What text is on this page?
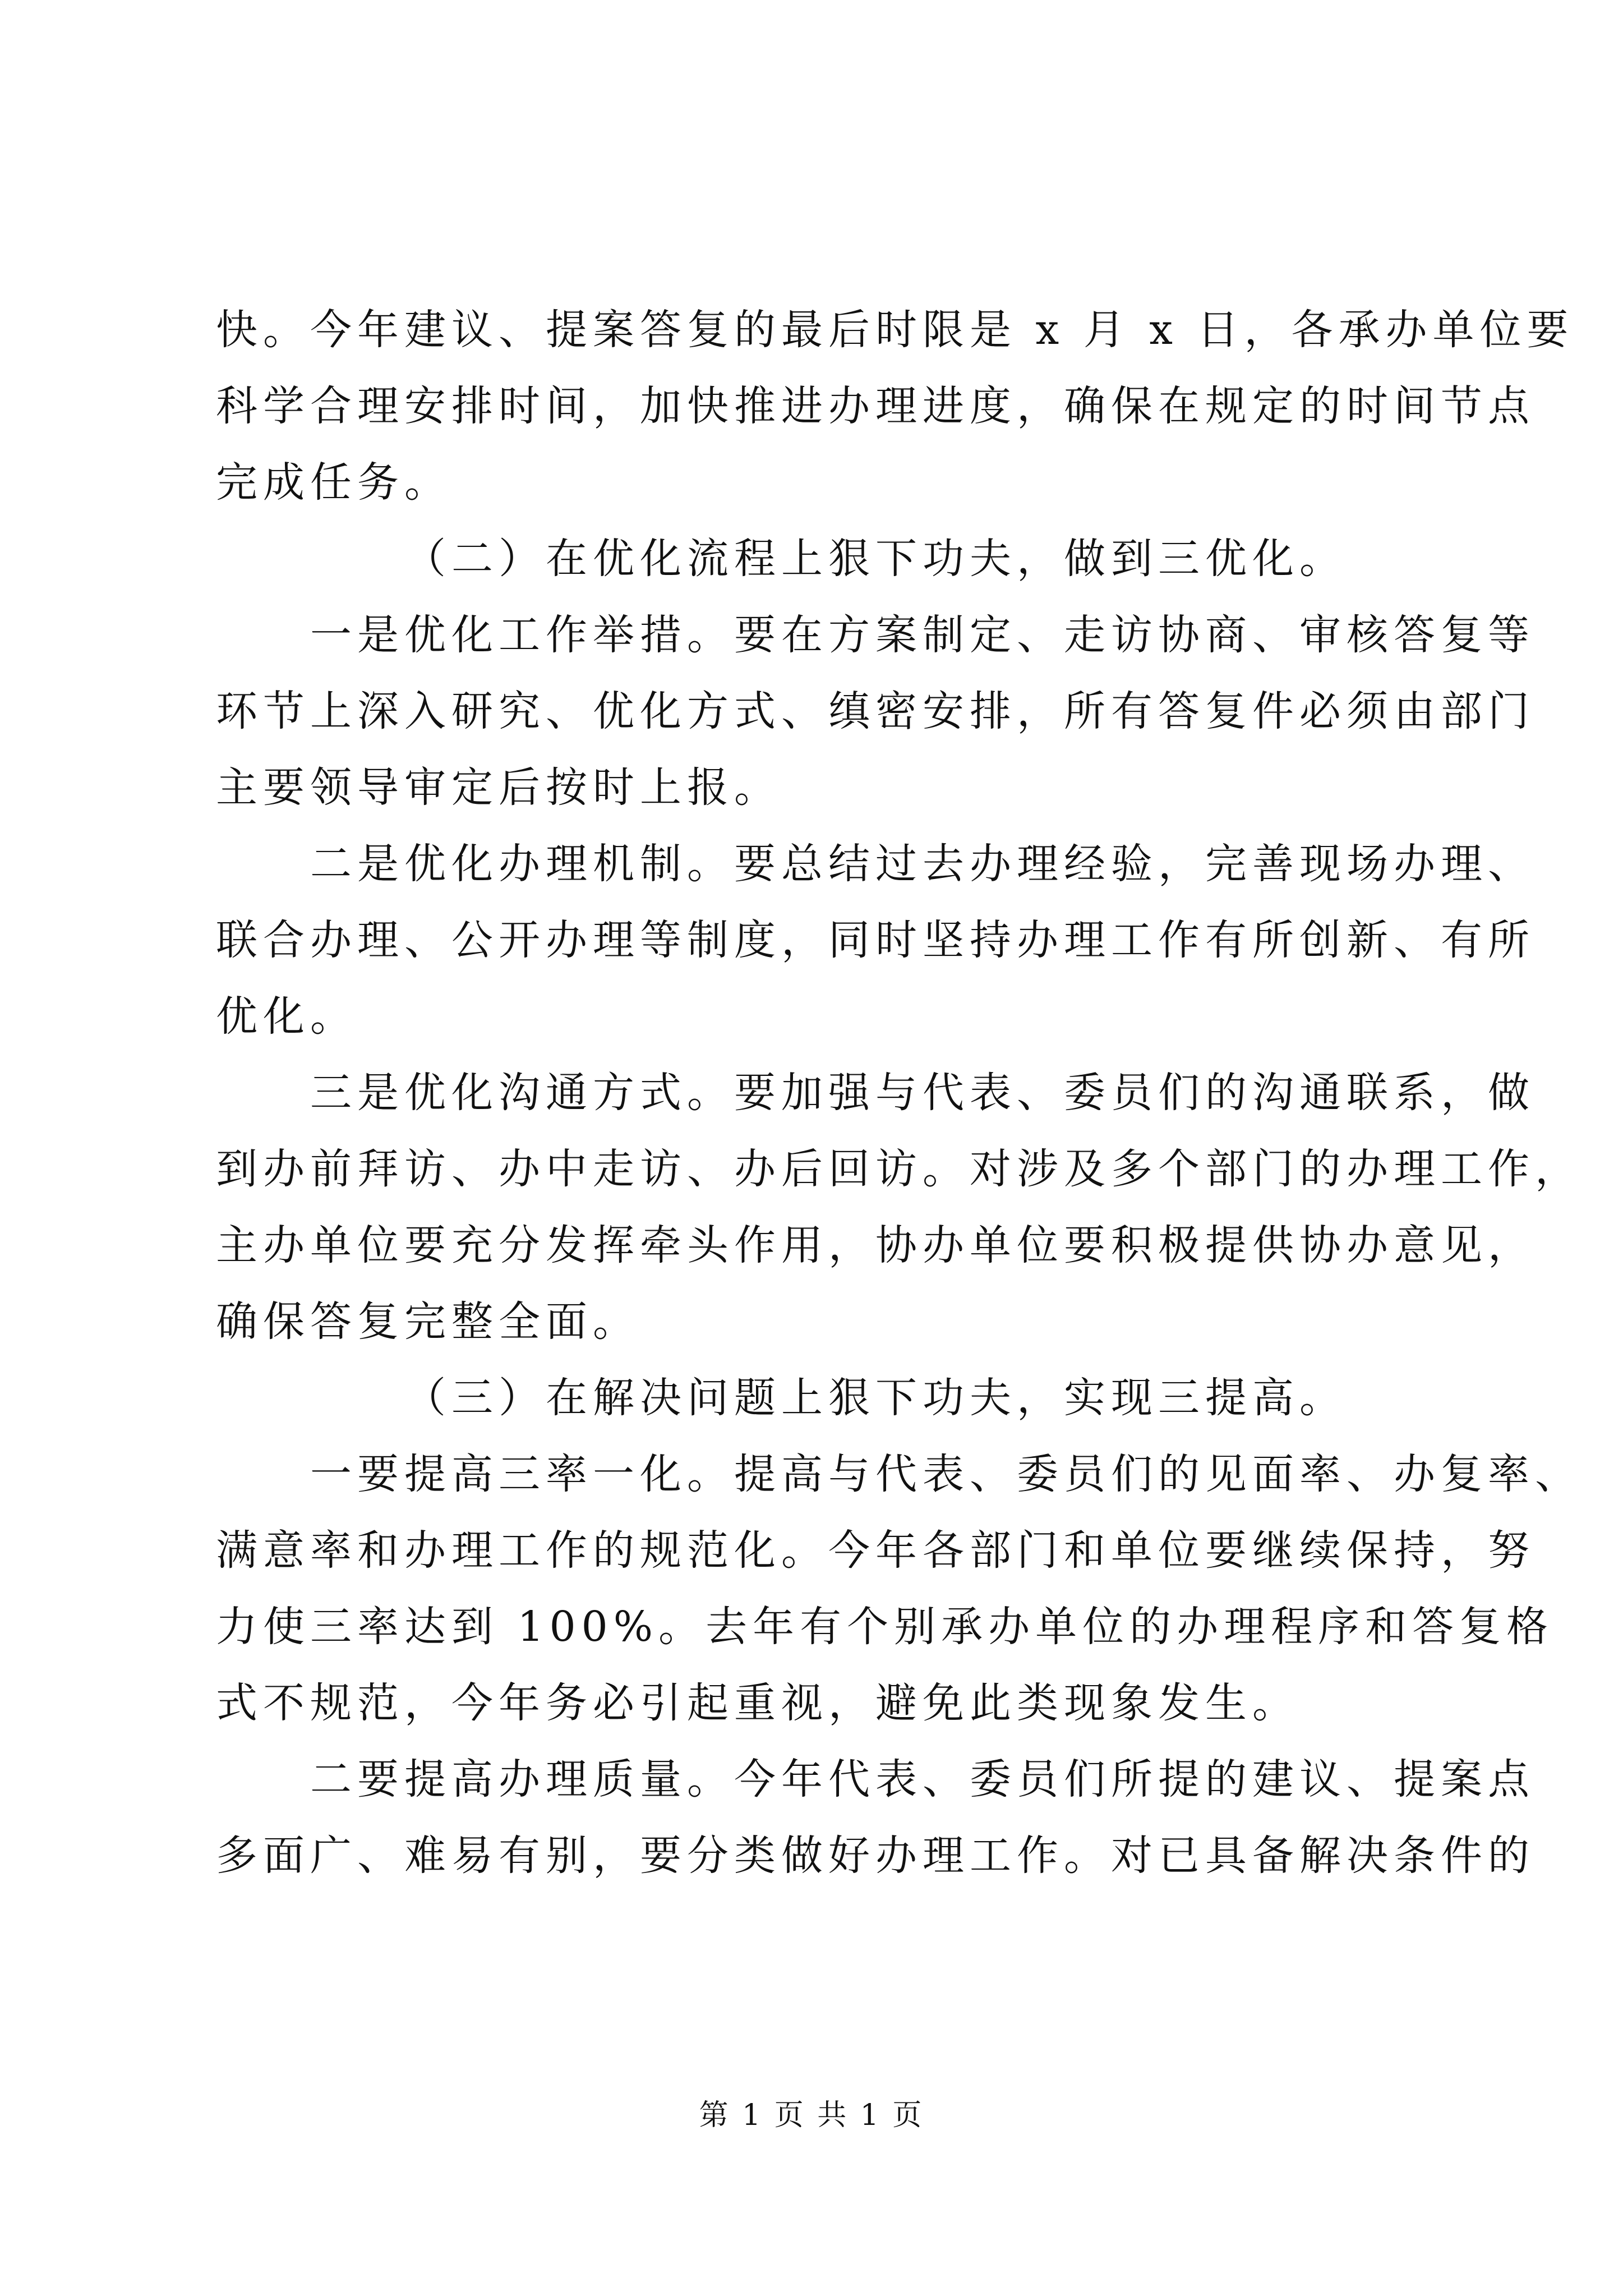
快。今年建议、提案答复的最后时限是 x 月 x 日，各承办单位要
科学合理安排时间，加快推进办理进度，确保在规定的时间节点
完成任务。

（二）在优化流程上狠下功夫，做到三优化。

一是优化工作举措。要在方案制定、走访协商、审核答复等
环节上深入研究、优化方式、缜密安排，所有答复件必须由部门
主要领导审定后按时上报。

二是优化办理机制。要总结过去办理经验，完善现场办理、
联合办理、公开办理等制度，同时坚持办理工作有所创新、有所
优化。

三是优化沟通方式。要加强与代表、委员们的沟通联系，做
到办前拜访、办中走访、办后回访。对涉及多个部门的办理工作，
主办单位要充分发挥牵头作用，协办单位要积极提供协办意见，
确保答复完整全面。

（三）在解决问题上狠下功夫，实现三提高。

一要提高三率一化。提高与代表、委员们的见面率、办复率、
满意率和办理工作的规范化。今年各部门和单位要继续保持，努
力使三率达到 100%。去年有个别承办单位的办理程序和答复格
式不规范，今年务必引起重视，避免此类现象发生。

二要提高办理质量。今年代表、委员们所提的建议、提案点
多面广、难易有别，要分类做好办理工作。对已具备解决条件的

第 1 页 共 1 页
